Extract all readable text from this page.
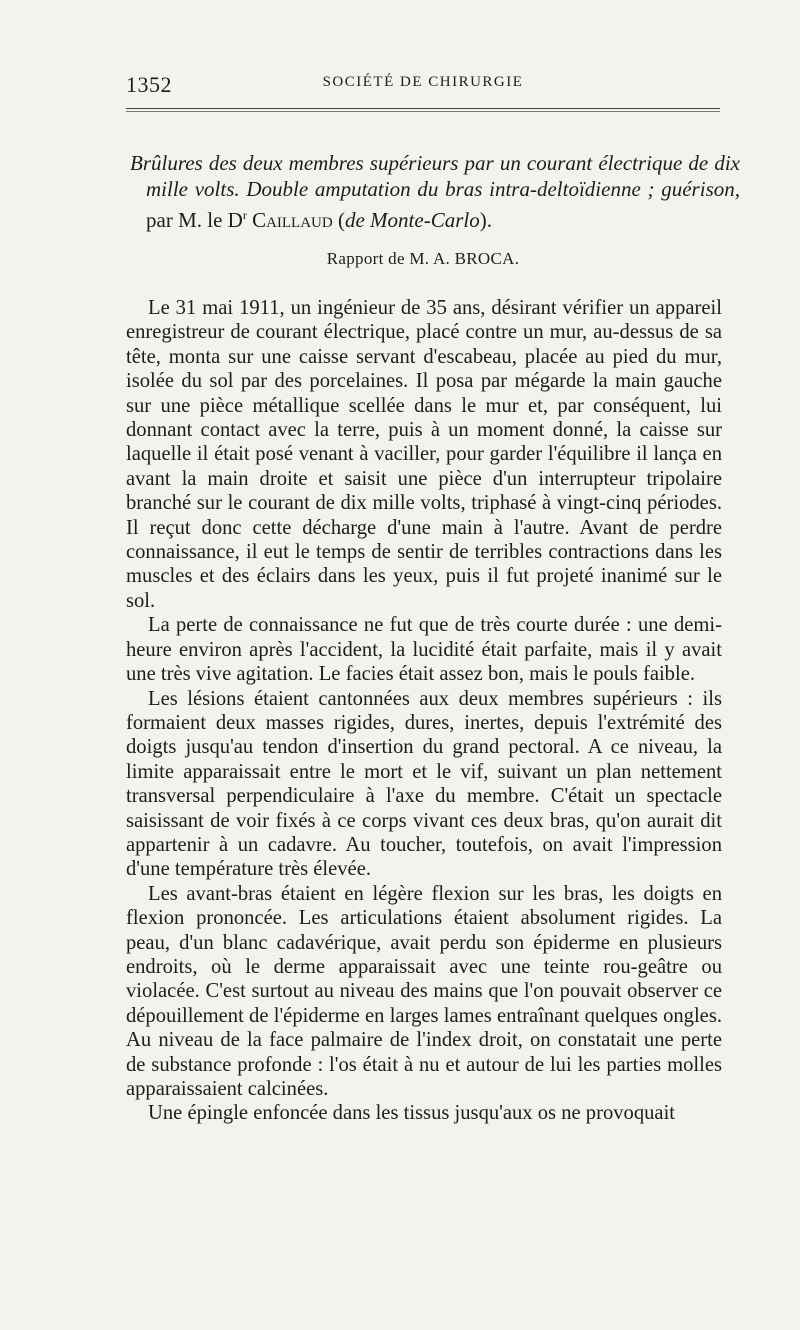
1352	SOCIÉTÉ DE CHIRURGIE

Brûlures des deux membres supérieurs par un courant électrique de dix mille volts. Double amputation du bras intra-deltoïdienne ; guérison, par M. le $D^r$ Caillaud (de Monte-Carlo).

Rapport de M. A. BROCA.

Le 31 mai 1911, un ingénieur de 35 ans, désirant vérifier un appareil enregistreur de courant électrique, placé contre un mur, au-dessus de sa tête, monta sur une caisse servant d'escabeau, placée au pied du mur, isolée du sol par des porcelaines. Il posa par mégarde la main gauche sur une pièce métallique scellée dans le mur et, par conséquent, lui donnant contact avec la terre, puis à un moment donné, la caisse sur laquelle il était posé venant à vaciller, pour garder l'équilibre il lança en avant la main droite et saisit une pièce d'un interrupteur tripolaire branché sur le courant de dix mille volts, triphasé à vingt-cinq périodes. Il reçut donc cette décharge d'une main à l'autre. Avant de perdre connaissance, il eut le temps de sentir de terribles contractions dans les muscles et des éclairs dans les yeux, puis il fut projeté inanimé sur le sol.

La perte de connaissance ne fut que de très courte durée : une demi-heure environ après l'accident, la lucidité était parfaite, mais il y avait une très vive agitation. Le facies était assez bon, mais le pouls faible.

Les lésions étaient cantonnées aux deux membres supérieurs : ils formaient deux masses rigides, dures, inertes, depuis l'extrémité des doigts jusqu'au tendon d'insertion du grand pectoral. A ce niveau, la limite apparaissait entre le mort et le vif, suivant un plan nettement transversal perpendiculaire à l'axe du membre. C'était un spectacle saisissant de voir fixés à ce corps vivant ces deux bras, qu'on aurait dit appartenir à un cadavre. Au toucher, toutefois, on avait l'impression d'une température très élevée.

Les avant-bras étaient en légère flexion sur les bras, les doigts en flexion prononcée. Les articulations étaient absolument rigides. La peau, d'un blanc cadavérique, avait perdu son épiderme en plusieurs endroits, où le derme apparaissait avec une teinte rou-geâtre ou violacée. C'est surtout au niveau des mains que l'on pouvait observer ce dépouillement de l'épiderme en larges lames entraînant quelques ongles. Au niveau de la face palmaire de l'index droit, on constatait une perte de substance profonde : l'os était à nu et autour de lui les parties molles apparaissaient calcinées.

Une épingle enfoncée dans les tissus jusqu'aux os ne provoquait
